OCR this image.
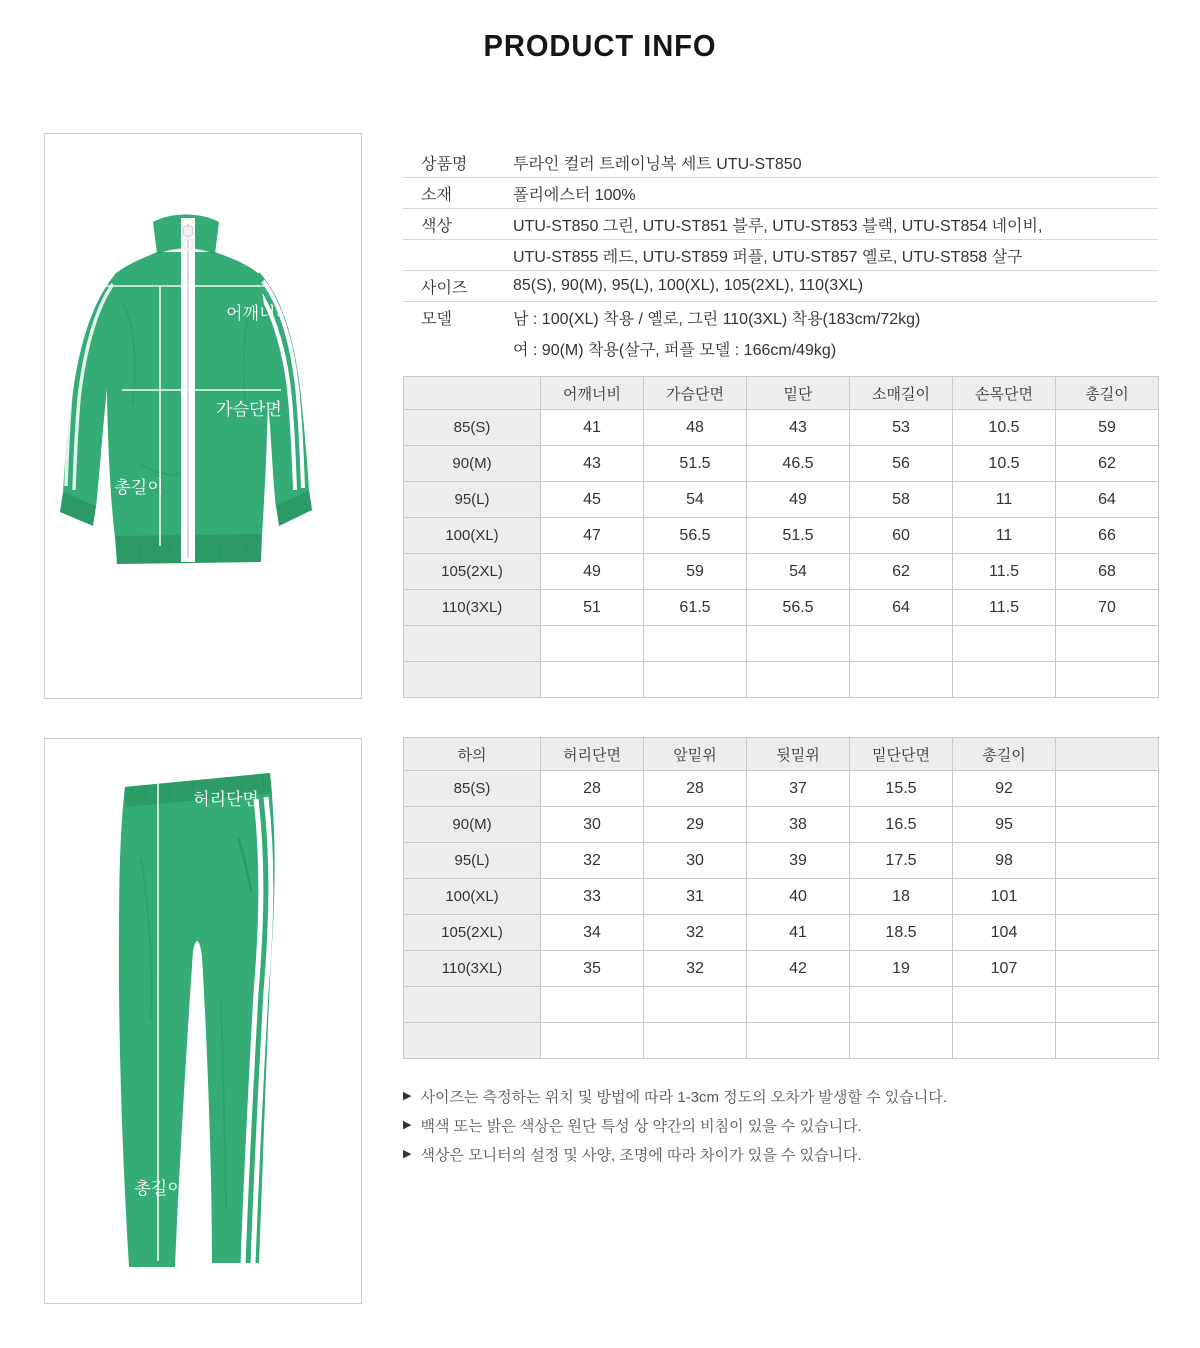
PRODUCT INFO
어깨너비
가슴단면
총길이
허리단면
총길이
상품명	투라인 컬러 트레이닝복 세트 UTU-ST850
소재	폴리에스터 100%
색상	UTU-ST850 그린, UTU-ST851 블루, UTU-ST853 블랙, UTU-ST854 네이비,
UTU-ST855 레드, UTU-ST859 퍼플, UTU-ST857 옐로, UTU-ST858 살구
사이즈	85(S), 90(M), 95(L), 100(XL), 105(2XL), 110(3XL)
모델	남 : 100(XL) 착용 / 옐로, 그린 110(3XL) 착용(183cm/72kg)
여 : 90(M) 착용(살구, 퍼플 모델 : 166cm/49kg)
	어깨너비	가슴단면	밑단	소매길이	손목단면	총길이
85(S)	41	48	43	53	10.5	59
90(M)	43	51.5	46.5	56	10.5	62
95(L)	45	54	49	58	11	64
100(XL)	47	56.5	51.5	60	11	66
105(2XL)	49	59	54	62	11.5	68
110(3XL)	51	61.5	56.5	64	11.5	70

하의	허리단면	앞밑위	뒷밑위	밑단단면	총길이	
85(S)	28	28	37	15.5	92	
90(M)	30	29	38	16.5	95	
95(L)	32	30	39	17.5	98	
100(XL)	33	31	40	18	101	
105(2XL)	34	32	41	18.5	104	
110(3XL)	35	32	42	19	107	

▶ 사이즈는 측정하는 위치 및 방법에 따라 1-3cm 정도의 오차가 발생할 수 있습니다.
▶ 백색 또는 밝은 색상은 원단 특성 상 약간의 비침이 있을 수 있습니다.
▶ 색상은 모니터의 설정 및 사양, 조명에 따라 차이가 있을 수 있습니다.
